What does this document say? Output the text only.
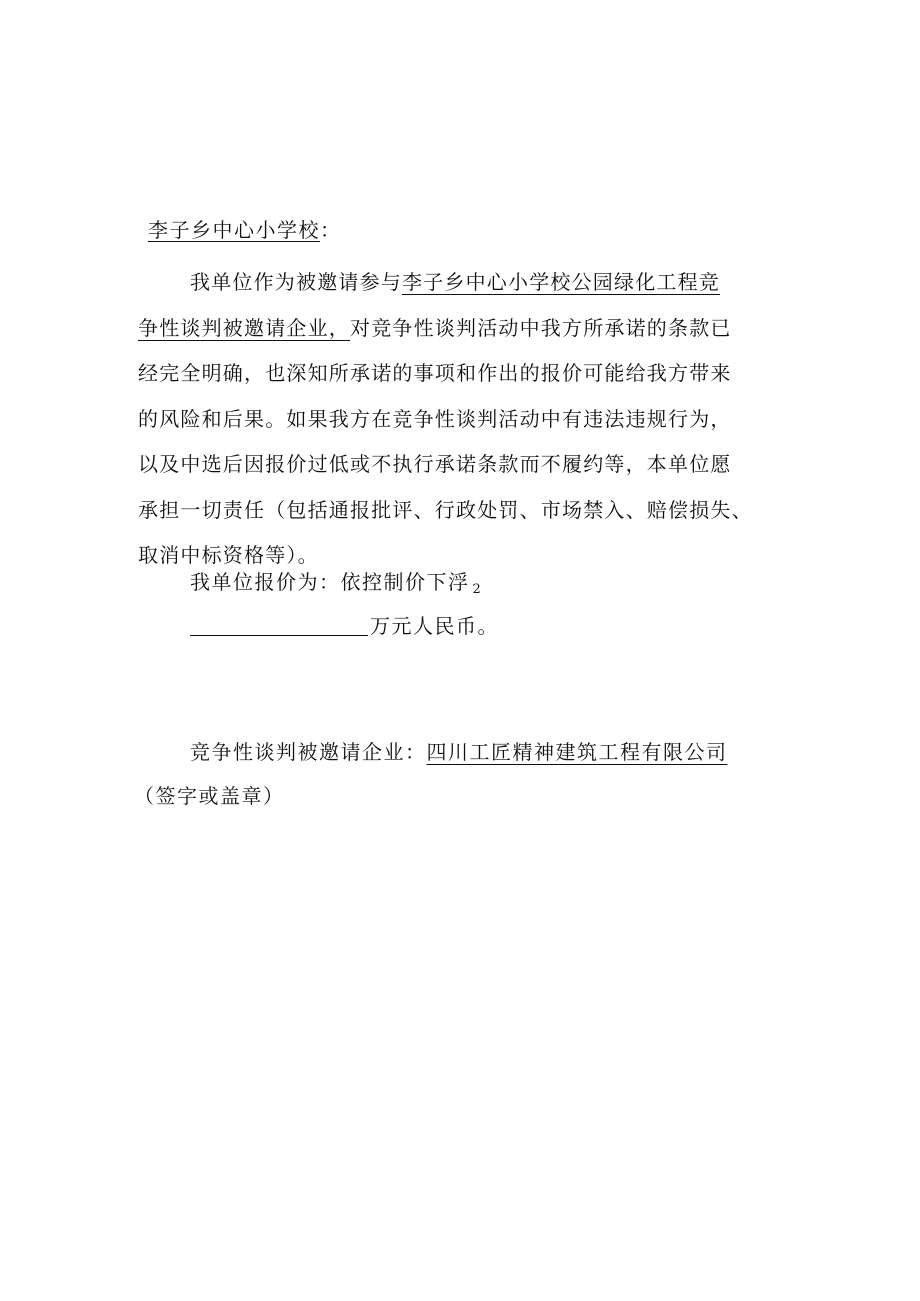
李子乡中心小学校：
我单位作为被邀请参与李子乡中心小学校公园绿化工程竞
争性谈判被邀请企业，对竞争性谈判活动中我方所承诺的条款已
经完全明确，也深知所承诺的事项和作出的报价可能给我方带来
的风险和后果。如果我方在竞争性谈判活动中有违法违规行为，
以及中选后因报价过低或不执行承诺条款而不履约等，本单位愿
承担一切责任（包括通报批评、行政处罚、市场禁入、赔偿损失、
取消中标资格等）。
我单位报价为：依控制价下浮 $_2$
万元人民币。
竞争性谈判被邀请企业：四川工匠精神建筑工程有限公司
（签字或盖章）
